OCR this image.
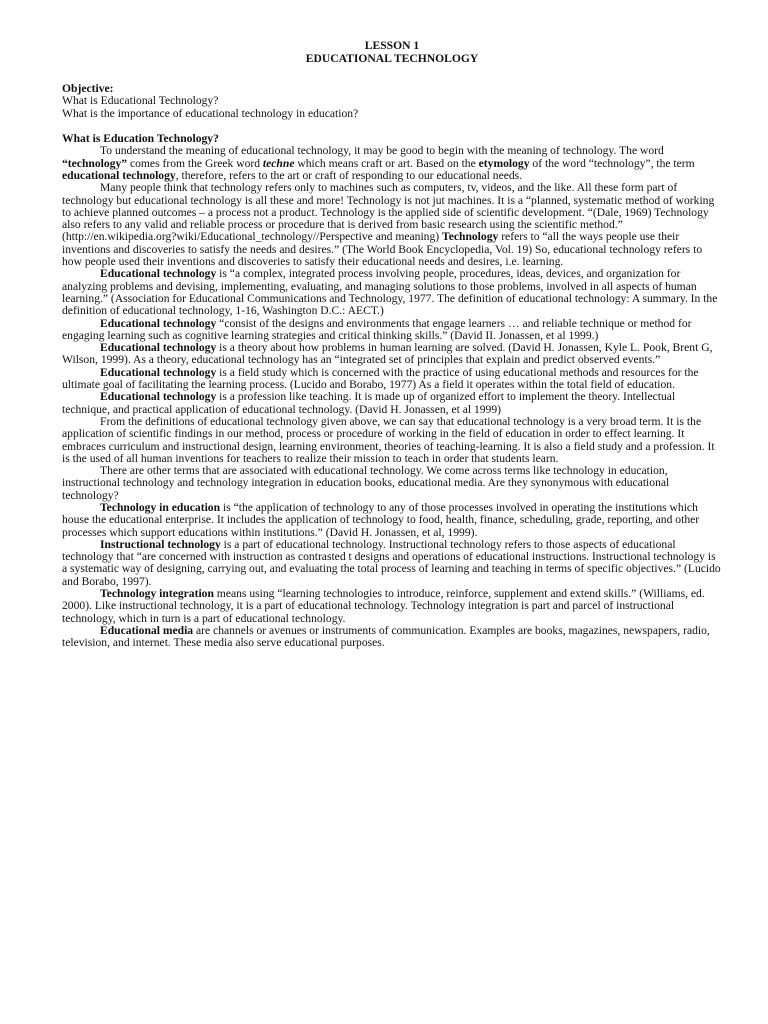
LESSON 1
EDUCATIONAL TECHNOLOGY
Objective:
What is Educational Technology?
What is the importance of educational technology in education?
What is Education Technology?

To understand the meaning of educational technology, it may be good to begin with the meaning of technology. The word “technology” comes from the Greek word techne which means craft or art. Based on the etymology of the word “technology”, the term educational technology, therefore, refers to the art or craft of responding to our educational needs.

Many people think that technology refers only to machines such as computers, tv, videos, and the like. All these form part of technology but educational technology is all these and more! Technology is not jut machines. It is a “planned, systematic method of working to achieve planned outcomes – a process not a product. Technology is the applied side of scientific development. “(Dale, 1969) Technology also refers to any valid and reliable process or procedure that is derived from basic research using the scientific method.” (http://en.wikipedia.org?wiki/Educational_technology//Perspective and meaning) Technology refers to “all the ways people use their inventions and discoveries to satisfy the needs and desires.” (The World Book Encyclopedia, Vol. 19) So, educational technology refers to how people used their inventions and discoveries to satisfy their educational needs and desires, i.e. learning.

Educational technology is “a complex, integrated process involving people, procedures, ideas, devices, and organization for analyzing problems and devising, implementing, evaluating, and managing solutions to those problems, involved in all aspects of human learning.” (Association for Educational Communications and Technology, 1977. The definition of educational technology: A summary. In the definition of educational technology, 1-16, Washington D.C.: AECT.)

Educational technology “consist of the designs and environments that engage learners … and reliable technique or method for engaging learning such as cognitive learning strategies and critical thinking skills.” (David II. Jonassen, et al 1999.)

Educational technology is a theory about how problems in human learning are solved. (David H. Jonassen, Kyle L. Pook, Brent G, Wilson, 1999). As a theory, educational technology has an “integrated set of principles that explain and predict observed events.”

Educational technology is a field study which is concerned with the practice of using educational methods and resources for the ultimate goal of facilitating the learning process. (Lucido and Borabo, 1977) As a field it operates within the total field of education.

Educational technology is a profession like teaching. It is made up of organized effort to implement the theory. Intellectual technique, and practical application of educational technology. (David H. Jonassen, et al 1999)

From the definitions of educational technology given above, we can say that educational technology is a very broad term. It is the application of scientific findings in our method, process or procedure of working in the field of education in order to effect learning. It embraces curriculum and instructional design, learning environment, theories of teaching-learning. It is also a field study and a profession. It is the used of all human inventions for teachers to realize their mission to teach in order that students learn.

There are other terms that are associated with educational technology. We come across terms like technology in education, instructional technology and technology integration in education books, educational media. Are they synonymous with educational technology?

Technology in education is “the application of technology to any of those processes involved in operating the institutions which house the educational enterprise. It includes the application of technology to food, health, finance, scheduling, grade, reporting, and other processes which support educations within institutions.” (David H. Jonassen, et al, 1999).

Instructional technology is a part of educational technology. Instructional technology refers to those aspects of educational technology that “are concerned with instruction as contrasted t designs and operations of educational instructions. Instructional technology is a systematic way of designing, carrying out, and evaluating the total process of learning and teaching in terms of specific objectives.” (Lucido and Borabo, 1997).

Technology integration means using “learning technologies to introduce, reinforce, supplement and extend skills.” (Williams, ed. 2000). Like instructional technology, it is a part of educational technology. Technology integration is part and parcel of instructional technology, which in turn is a part of educational technology.

Educational media are channels or avenues or instruments of communication. Examples are books, magazines, newspapers, radio, television, and internet. These media also serve educational purposes.
